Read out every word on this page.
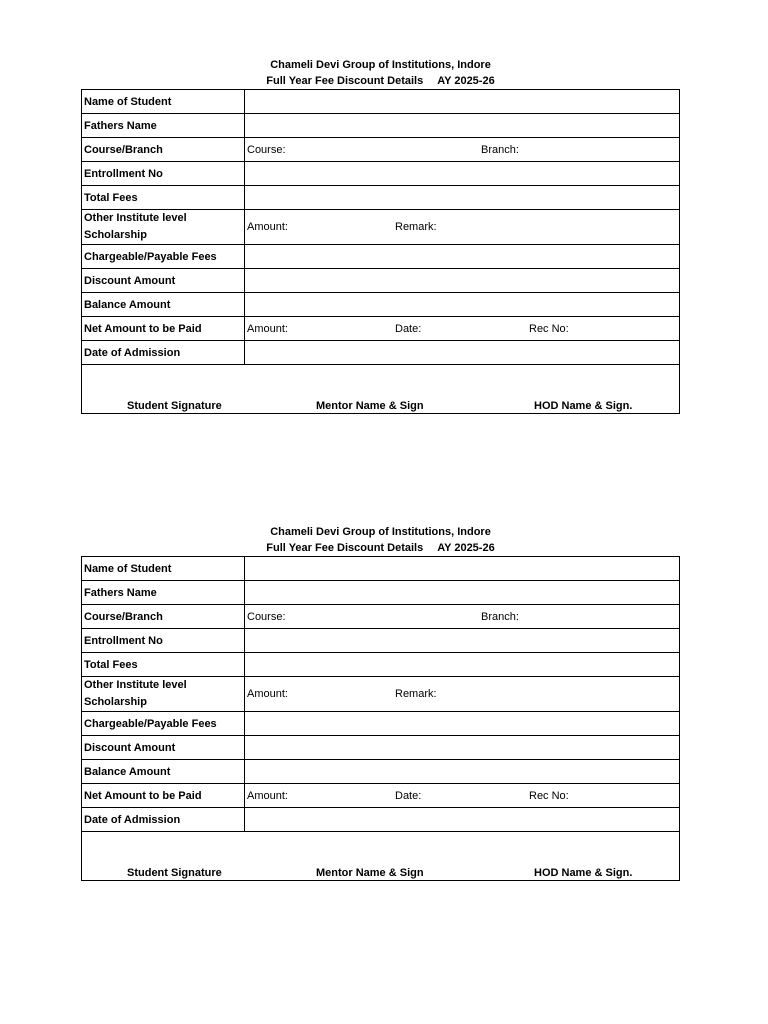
Chameli Devi Group of Institutions, Indore
Full Year Fee Discount Details AY 2025-26
Name of Student	
Fathers Name	
Course/Branch	Course: Branch:

Entrollment No	
Total Fees	
Other Institute level
Scholarship	Amount: Remark:

Chargeable/Payable Fees	
Discount Amount	
Balance Amount	
Net Amount to be Paid	Amount: Date: Rec No:

Date of Admission	

Student Signature Mentor Name & Sign HOD Name & Sign.	
Chameli Devi Group of Institutions, Indore
Full Year Fee Discount Details AY 2025-26
Name of Student	
Fathers Name	
Course/Branch	Course: Branch:

Entrollment No	
Total Fees	
Other Institute level
Scholarship	Amount: Remark:

Chargeable/Payable Fees	
Discount Amount	
Balance Amount	
Net Amount to be Paid	Amount: Date: Rec No:

Date of Admission	

Student Signature Mentor Name & Sign HOD Name & Sign.	
